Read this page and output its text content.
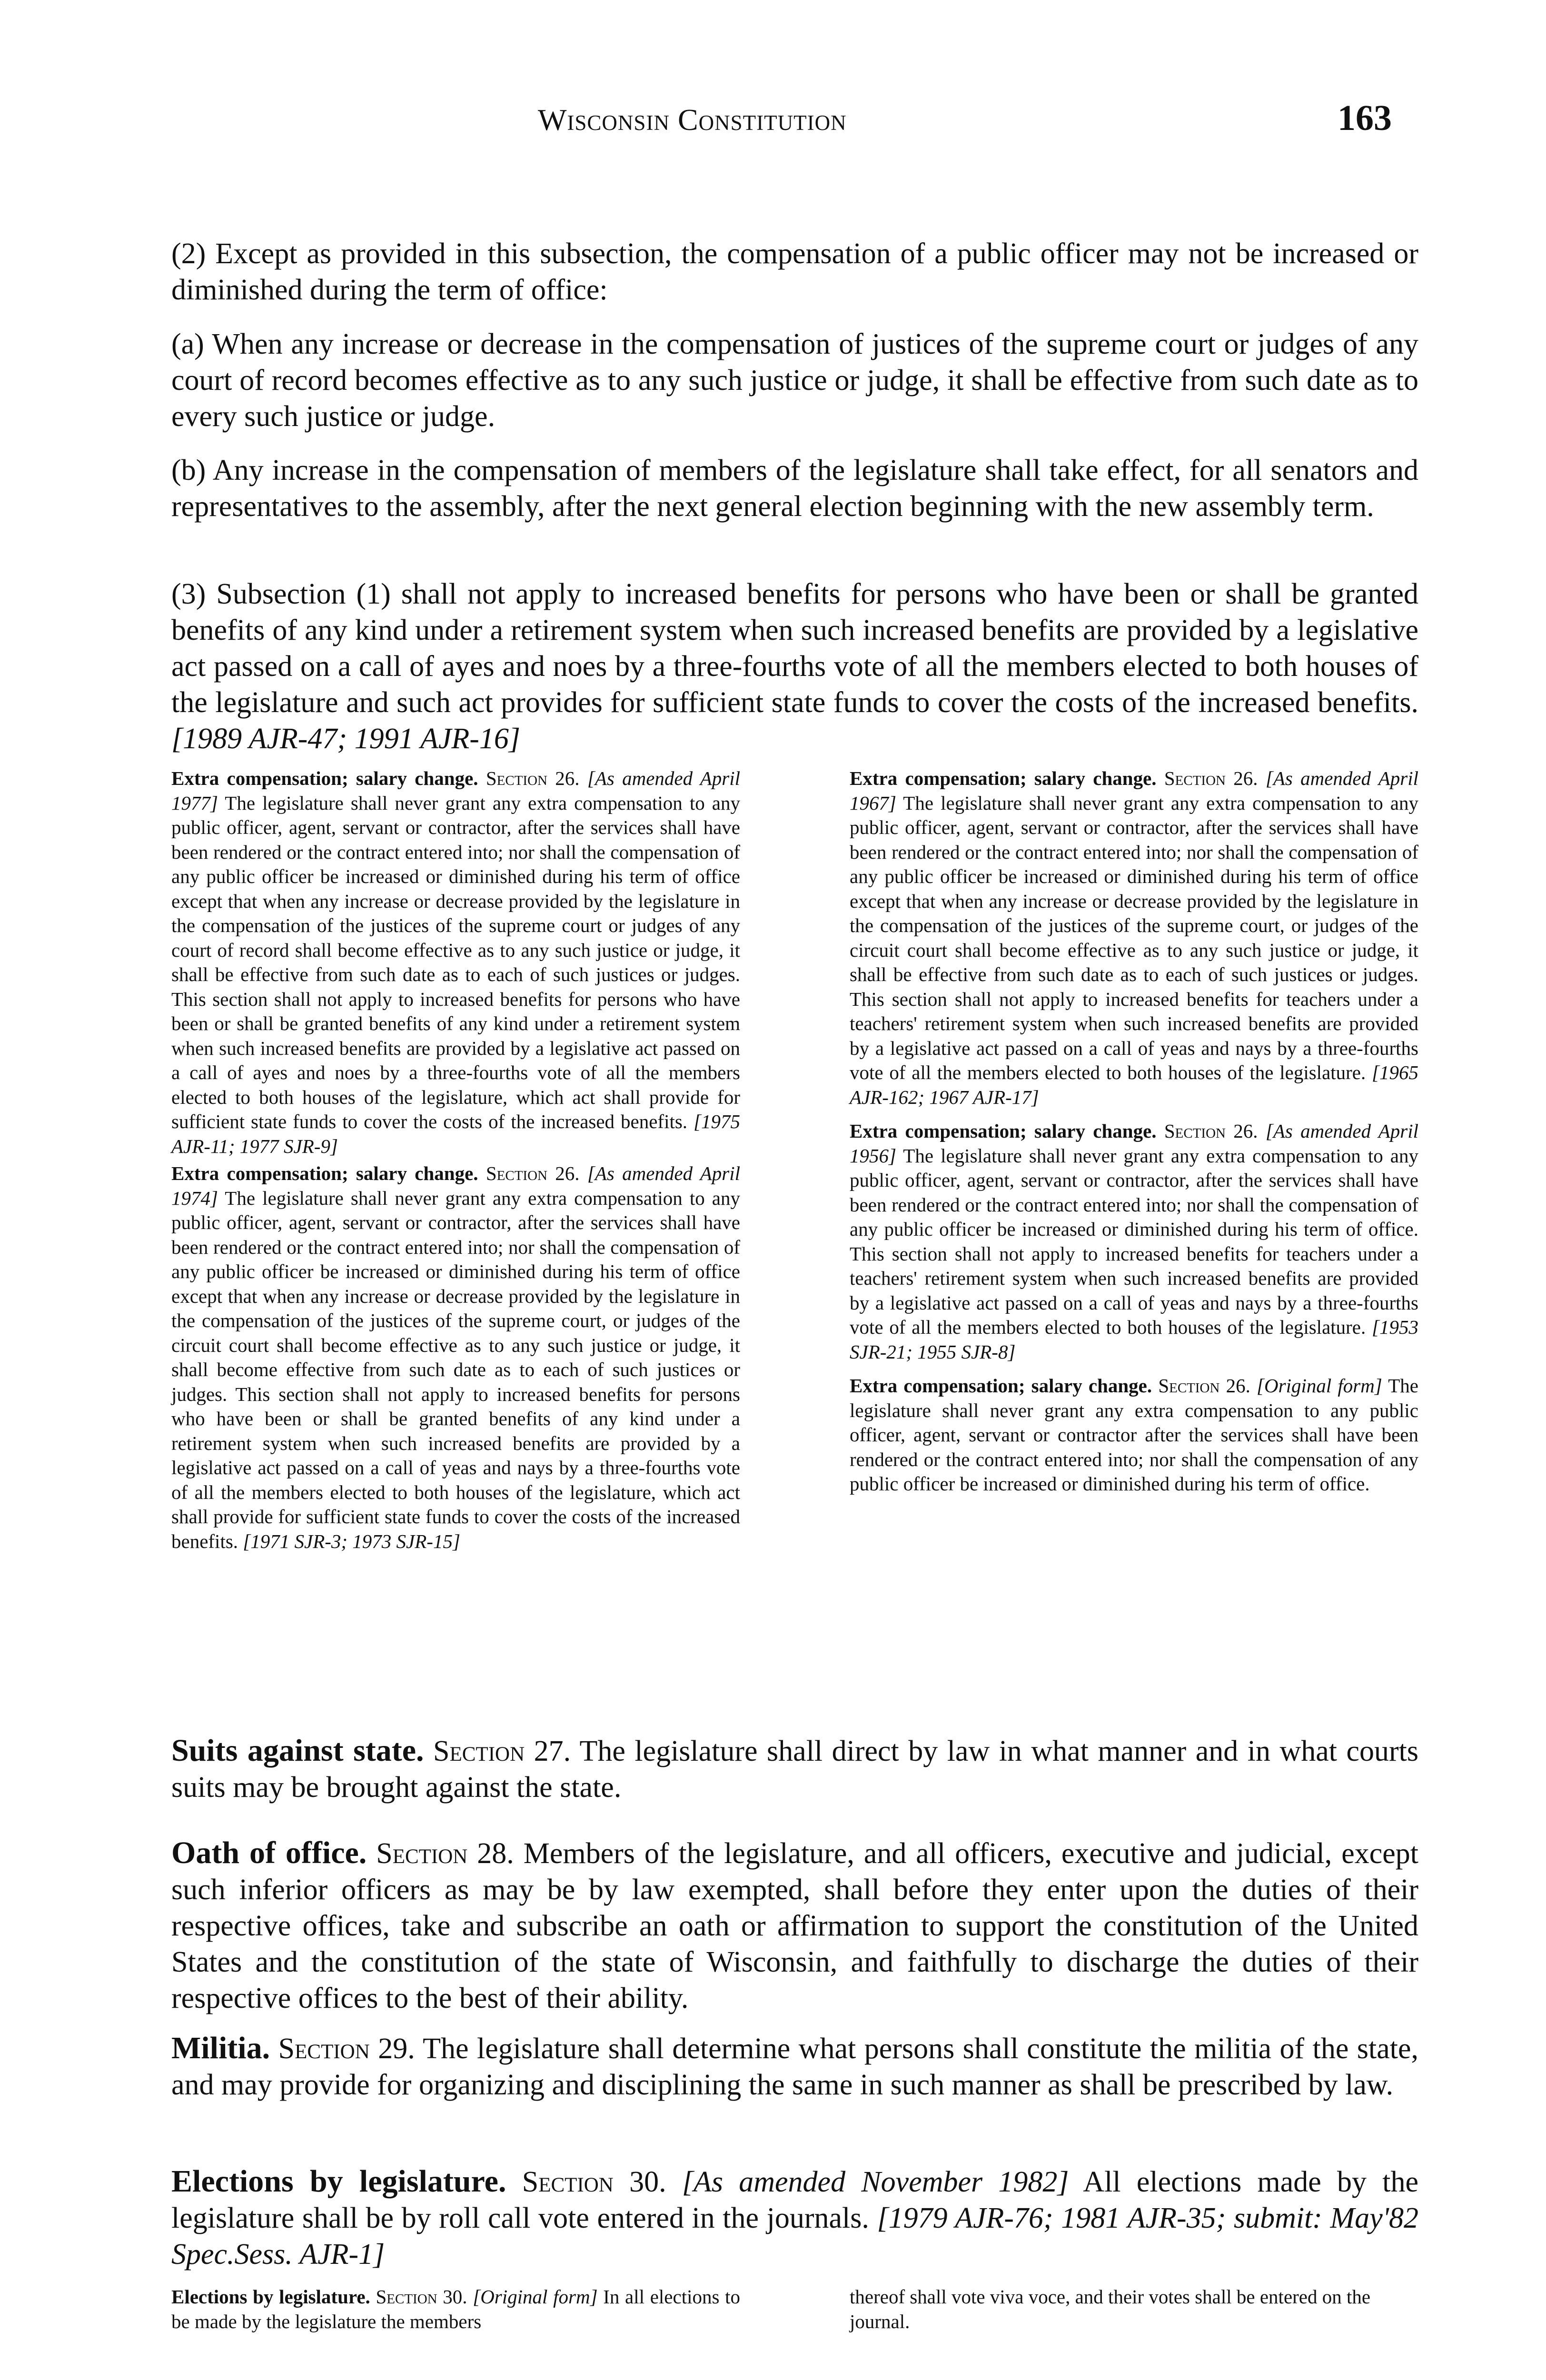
Wisconsin Constitution	163

(2) Except as provided in this subsection, the compensation of a public officer may not be increased or diminished during the term of office:

(a) When any increase or decrease in the compensation of justices of the supreme court or judges of any court of record becomes effective as to any such justice or judge, it shall be effective from such date as to every such justice or judge.

(b) Any increase in the compensation of members of the legislature shall take effect, for all senators and representatives to the assembly, after the next general election beginning with the new assembly term.

(3) Subsection (1) shall not apply to increased benefits for persons who have been or shall be granted benefits of any kind under a retirement system when such increased benefits are provided by a legislative act passed on a call of ayes and noes by a three-fourths vote of all the members elected to both houses of the legislature and such act provides for sufficient state funds to cover the costs of the increased benefits. [1989 AJR-47; 1991 AJR-16]

Extra compensation; salary change. Section 26. [As amended April 1977] The legislature shall never grant any extra compensation to any public officer, agent, servant or contractor, after the services shall have been rendered or the contract entered into; nor shall the compensation of any public officer be increased or diminished during his term of office except that when any increase or decrease provided by the legislature in the compensation of the justices of the supreme court or judges of any court of record shall become effective as to any such justice or judge, it shall be effective from such date as to each of such justices or judges. This section shall not apply to increased benefits for persons who have been or shall be granted benefits of any kind under a retirement system when such increased benefits are provided by a legislative act passed on a call of ayes and noes by a three-fourths vote of all the members elected to both houses of the legislature, which act shall provide for sufficient state funds to cover the costs of the increased benefits. [1975 AJR-11; 1977 SJR-9]

Extra compensation; salary change. Section 26. [As amended April 1974] The legislature shall never grant any extra compensation to any public officer, agent, servant or contractor, after the services shall have been rendered or the contract entered into; nor shall the compensation of any public officer be increased or diminished during his term of office except that when any increase or decrease provided by the legislature in the compensation of the justices of the supreme court, or judges of the circuit court shall become effective as to any such justice or judge, it shall become effective from such date as to each of such justices or judges. This section shall not apply to increased benefits for persons who have been or shall be granted benefits of any kind under a retirement system when such increased benefits are provided by a legislative act passed on a call of yeas and nays by a three-fourths vote of all the members elected to both houses of the legislature, which act shall provide for sufficient state funds to cover the costs of the increased benefits. [1971 SJR-3; 1973 SJR-15]

Extra compensation; salary change. Section 26. [As amended April 1967] The legislature shall never grant any extra compensation to any public officer, agent, servant or contractor, after the services shall have been rendered or the contract entered into; nor shall the compensation of any public officer be increased or diminished during his term of office except that when any increase or decrease provided by the legislature in the compensation of the justices of the supreme court, or judges of the circuit court shall become effective as to any such justice or judge, it shall be effective from such date as to each of such justices or judges. This section shall not apply to increased benefits for teachers under a teachers' retirement system when such increased benefits are provided by a legislative act passed on a call of yeas and nays by a three-fourths vote of all the members elected to both houses of the legislature. [1965 AJR-162; 1967 AJR-17]

Extra compensation; salary change. Section 26. [As amended April 1956] The legislature shall never grant any extra compensation to any public officer, agent, servant or contractor, after the services shall have been rendered or the contract entered into; nor shall the compensation of any public officer be increased or diminished during his term of office. This section shall not apply to increased benefits for teachers under a teachers' retirement system when such increased benefits are provided by a legislative act passed on a call of yeas and nays by a three-fourths vote of all the members elected to both houses of the legislature. [1953 SJR-21; 1955 SJR-8]

Extra compensation; salary change. Section 26. [Original form] The legislature shall never grant any extra compensation to any public officer, agent, servant or contractor after the services shall have been rendered or the contract entered into; nor shall the compensation of any public officer be increased or diminished during his term of office.

Suits against state. Section 27. The legislature shall direct by law in what manner and in what courts suits may be brought against the state.

Oath of office. Section 28. Members of the legislature, and all officers, executive and judicial, except such inferior officers as may be by law exempted, shall before they enter upon the duties of their respective offices, take and subscribe an oath or affirmation to support the constitution of the United States and the constitution of the state of Wisconsin, and faithfully to discharge the duties of their respective offices to the best of their ability.

Militia. Section 29. The legislature shall determine what persons shall constitute the militia of the state, and may provide for organizing and disciplining the same in such manner as shall be prescribed by law.

Elections by legislature. Section 30. [As amended November 1982] All elections made by the legislature shall be by roll call vote entered in the journals. [1979 AJR-76; 1981 AJR-35; submit: May'82 Spec.Sess. AJR-1]

Elections by legislature. Section 30. [Original form] In all elections to be made by the legislature the members

thereof shall vote viva voce, and their votes shall be entered on the journal.
